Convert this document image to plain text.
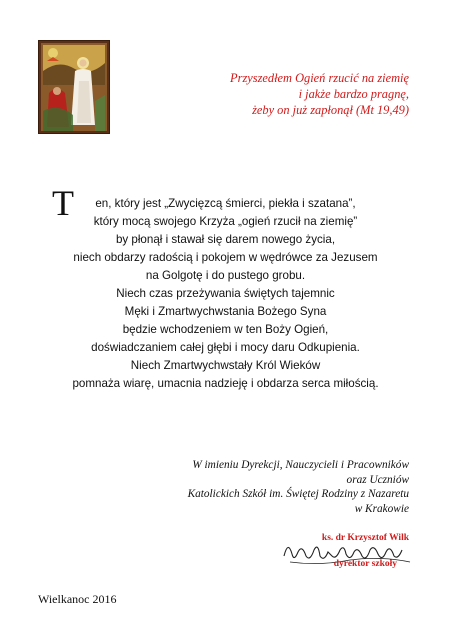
Przyszedłem Ogień rzucić na ziemię
i jakże bardzo pragnę,
żeby on już zapłonął (Mt 19,49)
T	en, który jest „Zwycięzcą śmierci, piekła i szatana”,
który mocą swojego Krzyża „ogień rzucił na ziemię”
by płonął i stawał się darem nowego życia,
niech obdarzy radością i pokojem w wędrówce za Jezusem
na Golgotę i do pustego grobu.
Niech czas przeżywania świętych tajemnic
Męki i Zmartwychwstania Bożego Syna
będzie wchodzeniem w ten Boży Ogień,
doświadczaniem całej głębi i mocy daru Odkupienia.
Niech Zmartwychwstały Król Wieków
pomnaża wiarę, umacnia nadzieję i obdarza serca miłością.
W imieniu Dyrekcji, Nauczycieli i Pracowników
oraz Uczniów
Katolickich Szkół im. Świętej Rodziny z Nazaretu
w Krakowie
ks. dr Krzysztof Wilk
dyrektor szkoły
Wielkanoc 2016
